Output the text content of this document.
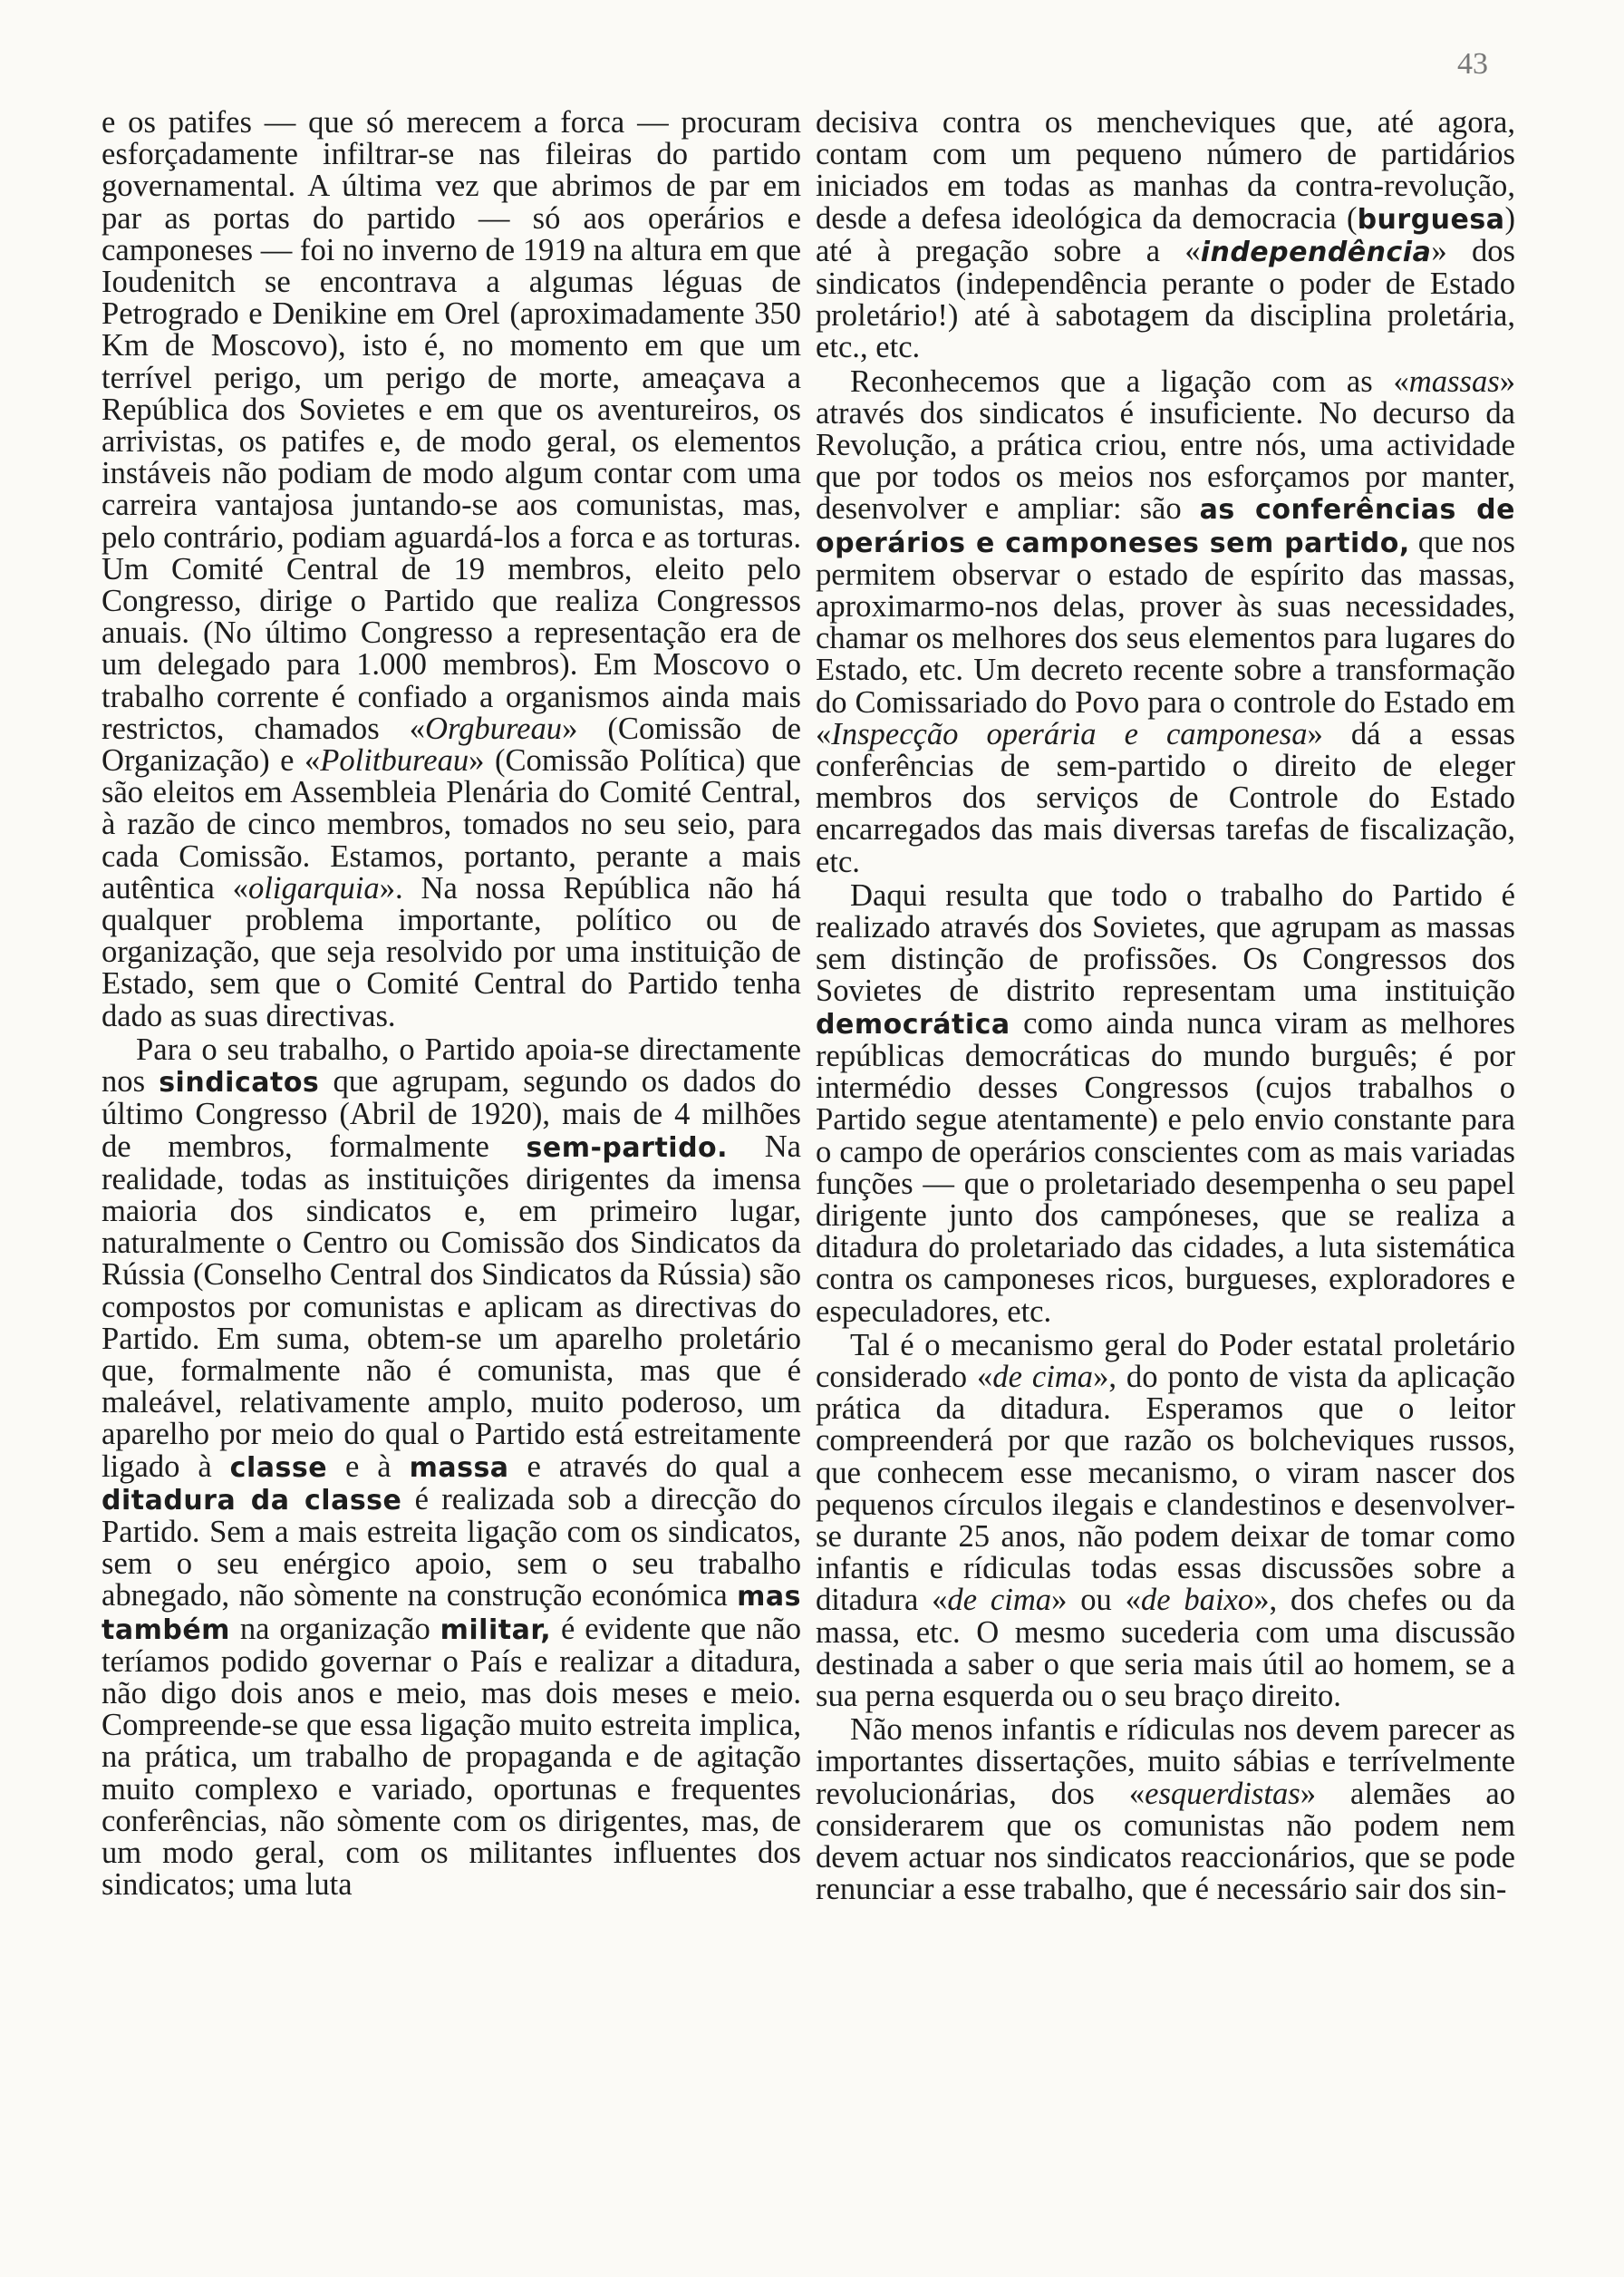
43

e os patifes — que só merecem a forca — procuram esforçadamente infiltrar-se nas fileiras do partido governamental. A última vez que abrimos de par em par as portas do partido — só aos operários e camponeses — foi no inverno de 1919 na altura em que Ioudenitch se encontrava a algumas léguas de Petrogrado e Denikine em Orel (aproximadamente 350 Km de Moscovo), isto é, no momento em que um terrível perigo, um perigo de morte, ameaçava a República dos Sovietes e em que os aventureiros, os arrivistas, os patifes e, de modo geral, os elementos instáveis não podiam de modo algum contar com uma carreira vantajosa juntando-se aos comunistas, mas, pelo contrário, podiam aguardá-los a forca e as torturas. Um Comité Central de 19 membros, eleito pelo Congresso, dirige o Partido que realiza Congressos anuais. (No último Congresso a representação era de um delegado para 1.000 membros). Em Moscovo o trabalho corrente é confiado a organismos ainda mais restrictos, chamados «Orgbureau» (Comissão de Organização) e «Politbureau» (Comissão Política) que são eleitos em Assembleia Plenária do Comité Central, à razão de cinco membros, tomados no seu seio, para cada Comissão. Estamos, portanto, perante a mais autêntica «oligarquia». Na nossa República não há qualquer problema importante, político ou de organização, que seja resolvido por uma instituição de Estado, sem que o Comité Central do Partido tenha dado as suas directivas.

Para o seu trabalho, o Partido apoia-se directamente nos sindicatos que agrupam, segundo os dados do último Congresso (Abril de 1920), mais de 4 milhões de membros, formalmente sem-partido. Na realidade, todas as instituições dirigentes da imensa maioria dos sindicatos e, em primeiro lugar, naturalmente o Centro ou Comissão dos Sindicatos da Rússia (Conselho Central dos Sindicatos da Rússia) são compostos por comunistas e aplicam as directivas do Partido. Em suma, obtem-se um aparelho proletário que, formalmente não é comunista, mas que é maleável, relativamente amplo, muito poderoso, um aparelho por meio do qual o Partido está estreitamente ligado à classe e à massa e através do qual a ditadura da classe é realizada sob a direcção do Partido. Sem a mais estreita ligação com os sindicatos, sem o seu enérgico apoio, sem o seu trabalho abnegado, não sòmente na construção económica mas também na organização militar, é evidente que não teríamos podido governar o País e realizar a ditadura, não digo dois anos e meio, mas dois meses e meio. Compreende-se que essa ligação muito estreita implica, na prática, um trabalho de propaganda e de agitação muito complexo e variado, oportunas e frequentes conferências, não sòmente com os dirigentes, mas, de um modo geral, com os militantes influentes dos sindicatos; uma luta

decisiva contra os mencheviques que, até agora, contam com um pequeno número de partidários iniciados em todas as manhas da contra-revolução, desde a defesa ideológica da democracia (burguesa) até à pregação sobre a «independência» dos sindicatos (independência perante o poder de Estado proletário!) até à sabotagem da disciplina proletária, etc., etc.

Reconhecemos que a ligação com as «massas» através dos sindicatos é insuficiente. No decurso da Revolução, a prática criou, entre nós, uma actividade que por todos os meios nos esforçamos por manter, desenvolver e ampliar: são as conferências de operários e camponeses sem partido, que nos permitem observar o estado de espírito das massas, aproximarmo-nos delas, prover às suas necessidades, chamar os melhores dos seus elementos para lugares do Estado, etc. Um decreto recente sobre a transformação do Comissariado do Povo para o controle do Estado em «Inspecção operária e camponesa» dá a essas conferências de sem-partido o direito de eleger membros dos serviços de Controle do Estado encarregados das mais diversas tarefas de fiscalização, etc.

Daqui resulta que todo o trabalho do Partido é realizado através dos Sovietes, que agrupam as massas sem distinção de profissões. Os Congressos dos Sovietes de distrito representam uma instituição democrática como ainda nunca viram as melhores repúblicas democráticas do mundo burguês; é por intermédio desses Congressos (cujos trabalhos o Partido segue atentamente) e pelo envio constante para o campo de operários conscientes com as mais variadas funções — que o proletariado desempenha o seu papel dirigente junto dos campóneses, que se realiza a ditadura do proletariado das cidades, a luta sistemática contra os camponeses ricos, burgueses, exploradores e especuladores, etc.

Tal é o mecanismo geral do Poder estatal proletário considerado «de cima», do ponto de vista da aplicação prática da ditadura. Esperamos que o leitor compreenderá por que razão os bolcheviques russos, que conhecem esse mecanismo, o viram nascer dos pequenos círculos ilegais e clandestinos e desenvolver-se durante 25 anos, não podem deixar de tomar como infantis e rídiculas todas essas discussões sobre a ditadura «de cima» ou «de baixo», dos chefes ou da massa, etc. O mesmo sucederia com uma discussão destinada a saber o que seria mais útil ao homem, se a sua perna esquerda ou o seu braço direito.

Não menos infantis e rídiculas nos devem parecer as importantes dissertações, muito sábias e terrívelmente revolucionárias, dos «esquerdistas» alemães ao considerarem que os comunistas não podem nem devem actuar nos sindicatos reaccionários, que se pode renunciar a esse trabalho, que é necessário sair dos sin-
